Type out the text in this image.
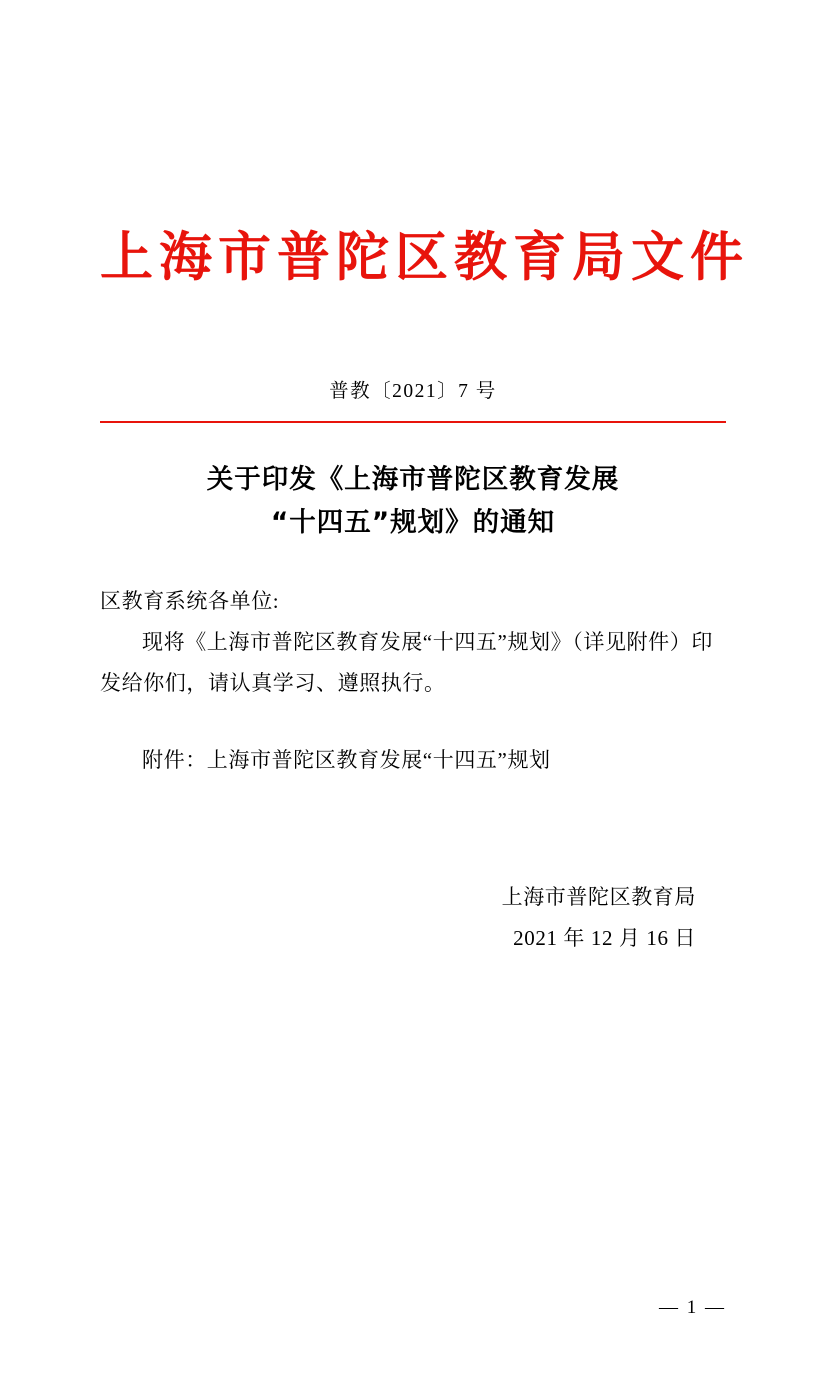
上海市普陀区教育局文件
普教〔2021〕7 号
关于印发《上海市普陀区教育发展
“十四五”规划》的通知

区教育系统各单位:

现将《上海市普陀区教育发展“十四五”规划》（详见附件）印发给你们，请认真学习、遵照执行。

附件：上海市普陀区教育发展“十四五”规划
上海市普陀区教育局
2021 年 12 月 16 日
— 1 —
